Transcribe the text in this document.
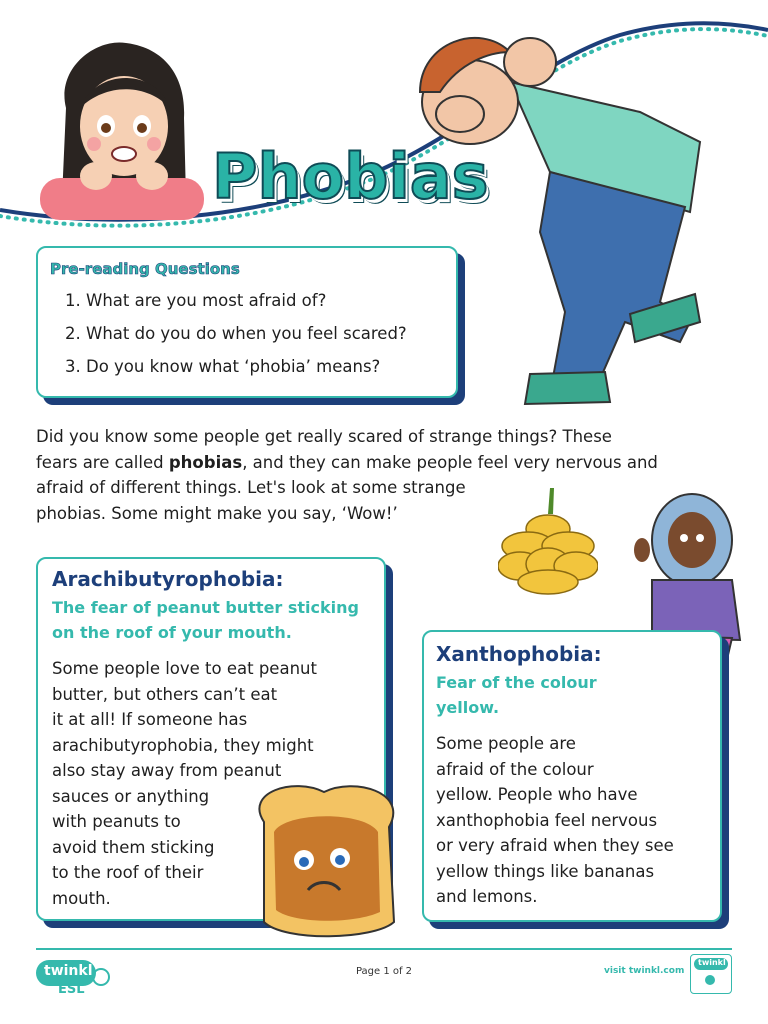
Phobias
Pre-reading Questions
1. What are you most afraid of?
2. What do you do when you feel scared?
3. Do you know what ‘phobia’ means?

Did you know some people get really scared of strange things? These

fears are called phobias, and they can make people feel very nervous and

afraid of different things. Let's look at some strange

phobias. Some might make you say, ‘Wow!’

Arachibutyrophobia:
The fear of peanut butter sticking
on the roof of your mouth.
Some people love to eat peanut
butter, but others can’t eat
it at all! If someone has
arachibutyrophobia, they might
also stay away from peanut
sauces or anything
with peanuts to
avoid them sticking
to the roof of their
mouth.
Xanthophobia:
Fear of the colour
yellow.
Some people are
afraid of the colour
yellow. People who have
xanthophobia feel nervous
or very afraid when they see
yellow things like bananas
and lemons.
twinkl
ESL
Page 1 of 2	visit twinkl.com
twinkl
